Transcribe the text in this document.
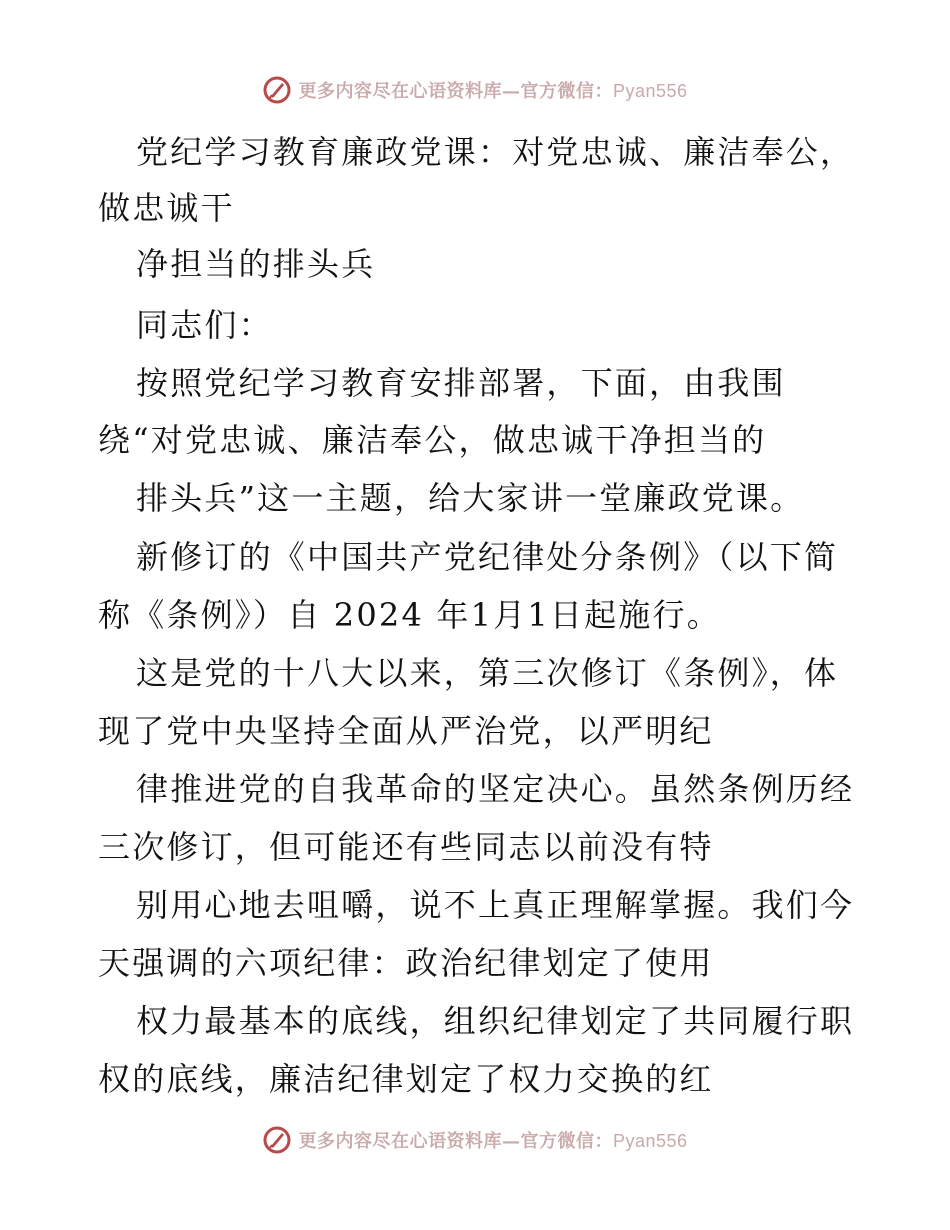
更多内容尽在心语资料库—官方微信：Pyan556
党纪学习教育廉政党课：对党忠诚、廉洁奉公，
做忠诚干
净担当的排头兵
同志们：
按照党纪学习教育安排部署，下面，由我围
绕“对党忠诚、廉洁奉公，做忠诚干净担当的
排头兵”这一主题，给大家讲一堂廉政党课。
新修订的《中国共产党纪律处分条例》（以下简
称《条例》）自 2024 年1月1日起施行。
这是党的十八大以来，第三次修订《条例》，体
现了党中央坚持全面从严治党，以严明纪
律推进党的自我革命的坚定决心。虽然条例历经
三次修订，但可能还有些同志以前没有特
别用心地去咀嚼，说不上真正理解掌握。我们今
天强调的六项纪律：政治纪律划定了使用
权力最基本的底线，组织纪律划定了共同履行职
权的底线，廉洁纪律划定了权力交换的红
更多内容尽在心语资料库—官方微信：Pyan556
